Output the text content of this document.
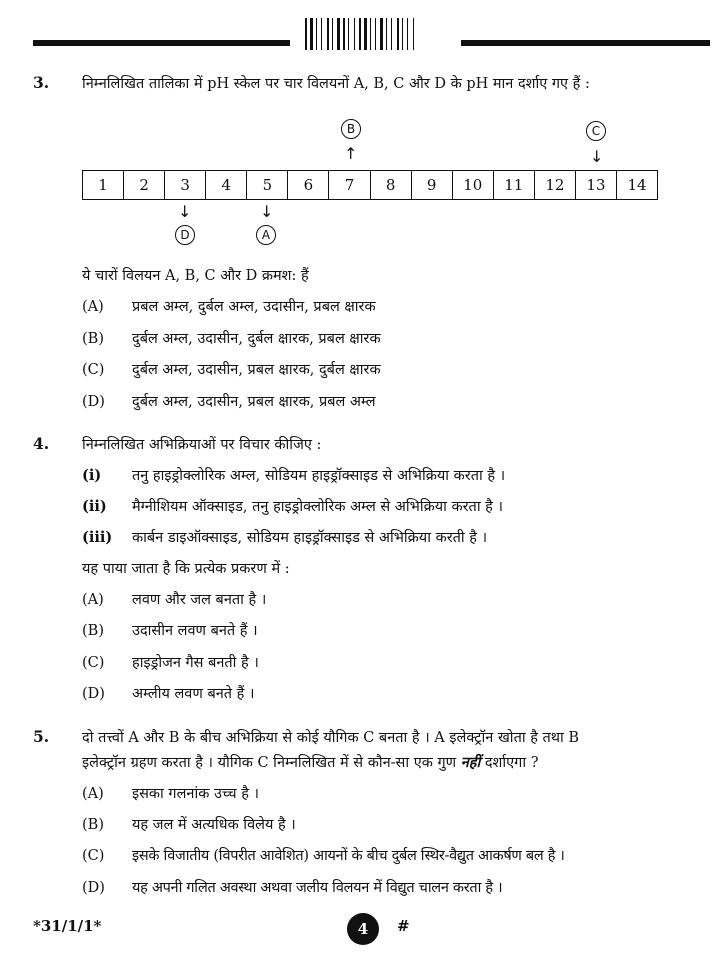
3. निम्नलिखित तालिका में pH स्केल पर चार विलयनों A, B, C और D के pH मान दर्शाए गए हैं :
B
↑
C
↓
1	2	3	4	5	6	7	8	9	10	11	12	13	14
↓
D
↓
A
ये चारों विलयन A, B, C और D क्रमश: हैं
(A) प्रबल अम्ल, दुर्बल अम्ल, उदासीन, प्रबल क्षारक
(B) दुर्बल अम्ल, उदासीन, दुर्बल क्षारक, प्रबल क्षारक
(C) दुर्बल अम्ल, उदासीन, प्रबल क्षारक, दुर्बल क्षारक
(D) दुर्बल अम्ल, उदासीन, प्रबल क्षारक, प्रबल अम्ल
4. निम्नलिखित अभिक्रियाओं पर विचार कीजिए :
(i) तनु हाइड्रोक्लोरिक अम्ल, सोडियम हाइड्रॉक्साइड से अभिक्रिया करता है ।
(ii) मैग्नीशियम ऑक्साइड, तनु हाइड्रोक्लोरिक अम्ल से अभिक्रिया करता है ।
(iii) कार्बन डाइऑक्साइड, सोडियम हाइड्रॉक्साइड से अभिक्रिया करती है ।
यह पाया जाता है कि प्रत्येक प्रकरण में :
(A) लवण और जल बनता है ।
(B) उदासीन लवण बनते हैं ।
(C) हाइड्रोजन गैस बनती है ।
(D) अम्लीय लवण बनते हैं ।
5. दो तत्त्वों A और B के बीच अभिक्रिया से कोई यौगिक C बनता है । A इलेक्ट्रॉन खोता है तथा B
इलेक्ट्रॉन ग्रहण करता है । यौगिक C निम्नलिखित में से कौन-सा एक गुण नहीं दर्शाएगा ?
(A) इसका गलनांक उच्च है ।
(B) यह जल में अत्यधिक विलेय है ।
(C) इसके विजातीय (विपरीत आवेशित) आयनों के बीच दुर्बल स्थिर-वैद्युत आकर्षण बल है ।
(D) यह अपनी गलित अवस्था अथवा जलीय विलयन में विद्युत चालन करता है ।
*31/1/1*	4	#
